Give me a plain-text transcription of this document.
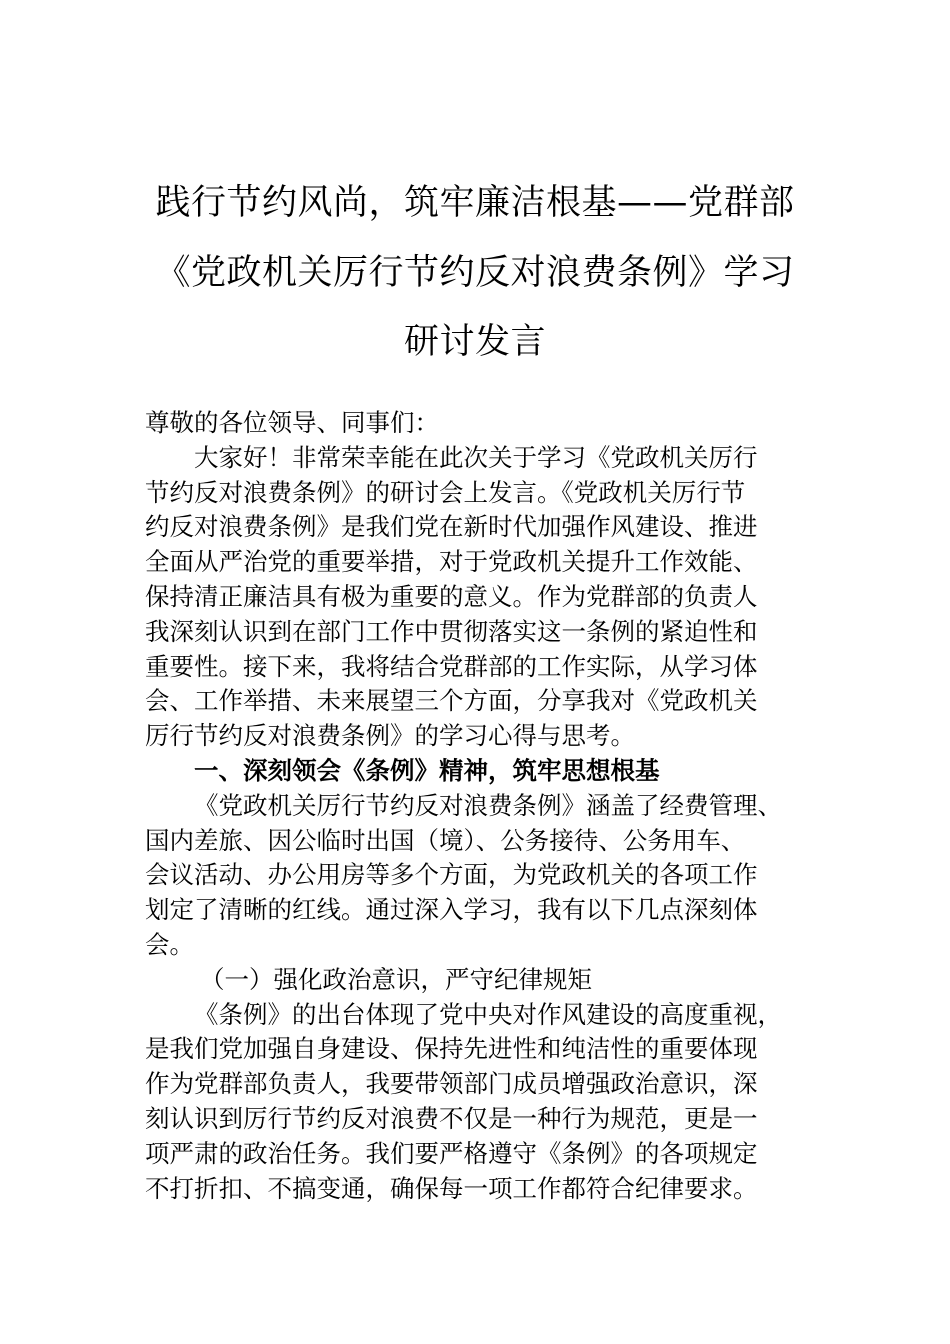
践行节约风尚，筑牢廉洁根基——党群部
《党政机关厉行节约反对浪费条例》学习
研讨发言
尊敬的各位领导、同事们：
大家好！非常荣幸能在此次关于学习《党政机关厉行
节约反对浪费条例》的研讨会上发言。《党政机关厉行节
约反对浪费条例》是我们党在新时代加强作风建设、推进
全面从严治党的重要举措，对于党政机关提升工作效能、
保持清正廉洁具有极为重要的意义。作为党群部的负责人
我深刻认识到在部门工作中贯彻落实这一条例的紧迫性和
重要性。接下来，我将结合党群部的工作实际，从学习体
会、工作举措、未来展望三个方面，分享我对《党政机关
厉行节约反对浪费条例》的学习心得与思考。
一、深刻领会《条例》精神，筑牢思想根基
《党政机关厉行节约反对浪费条例》涵盖了经费管理、
国内差旅、因公临时出国（境）、公务接待、公务用车、
会议活动、办公用房等多个方面，为党政机关的各项工作
划定了清晰的红线。通过深入学习，我有以下几点深刻体
会。
（一）强化政治意识，严守纪律规矩
《条例》的出台体现了党中央对作风建设的高度重视，
是我们党加强自身建设、保持先进性和纯洁性的重要体现
作为党群部负责人，我要带领部门成员增强政治意识，深
刻认识到厉行节约反对浪费不仅是一种行为规范，更是一
项严肃的政治任务。我们要严格遵守《条例》的各项规定
不打折扣、不搞变通，确保每一项工作都符合纪律要求。
